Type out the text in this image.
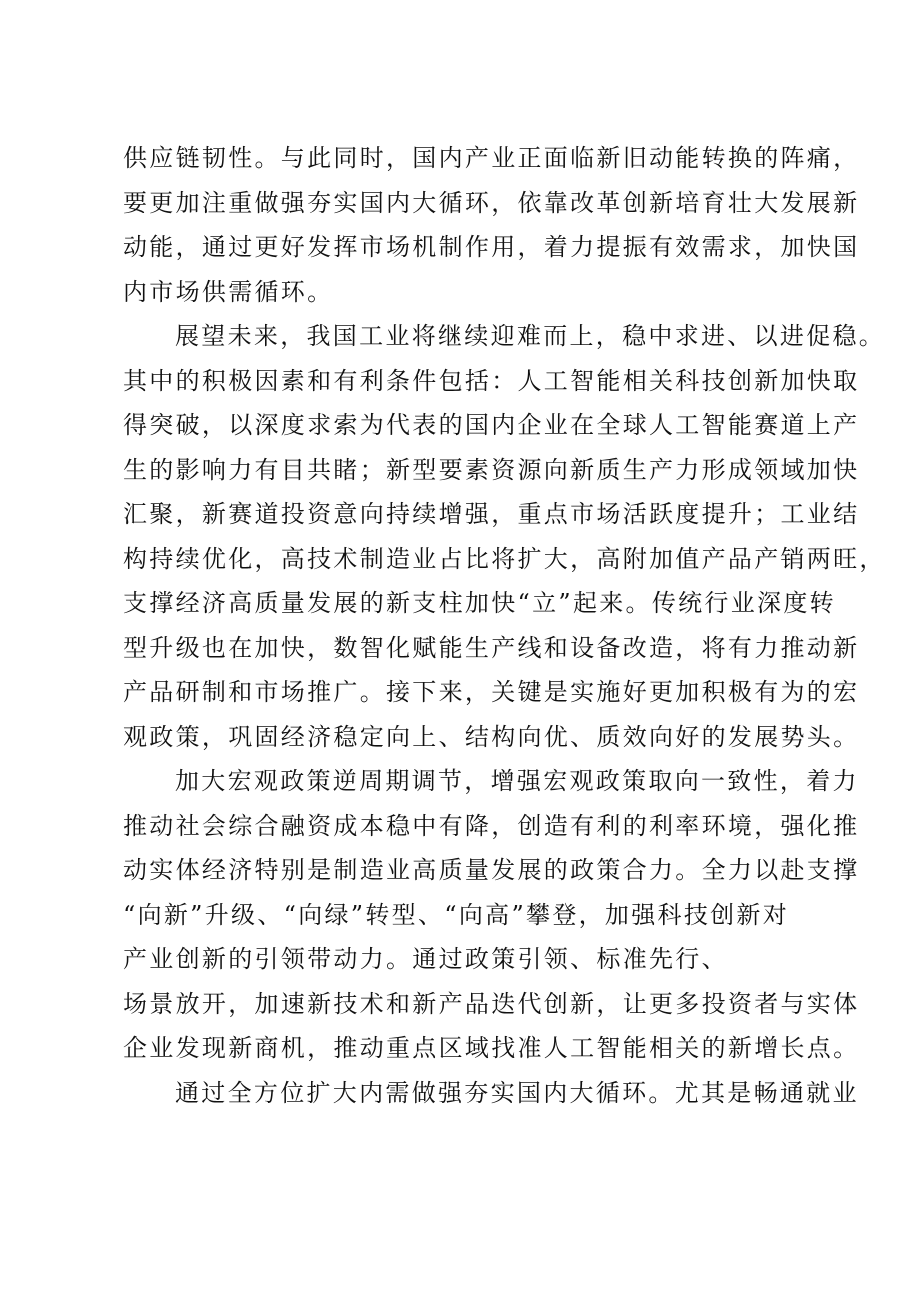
供应链韧性。与此同时，国内产业正面临新旧动能转换的阵痛，
要更加注重做强夯实国内大循环，依靠改革创新培育壮大发展新
动能，通过更好发挥市场机制作用，着力提振有效需求，加快国
内市场供需循环。
展望未来，我国工业将继续迎难而上，稳中求进、以进促稳。
其中的积极因素和有利条件包括：人工智能相关科技创新加快取
得突破，以深度求索为代表的国内企业在全球人工智能赛道上产
生的影响力有目共睹；新型要素资源向新质生产力形成领域加快
汇聚，新赛道投资意向持续增强，重点市场活跃度提升；工业结
构持续优化，高技术制造业占比将扩大，高附加值产品产销两旺，
支撑经济高质量发展的新支柱加快“立”起来。传统行业深度转
型升级也在加快，数智化赋能生产线和设备改造，将有力推动新
产品研制和市场推广。接下来，关键是实施好更加积极有为的宏
观政策，巩固经济稳定向上、结构向优、质效向好的发展势头。
加大宏观政策逆周期调节，增强宏观政策取向一致性，着力
推动社会综合融资成本稳中有降，创造有利的利率环境，强化推
动实体经济特别是制造业高质量发展的政策合力。全力以赴支撑
“向新”升级、“向绿”转型、“向高”攀登，加强科技创新对
产业创新的引领带动力。通过政策引领、标准先行、
场景放开，加速新技术和新产品迭代创新，让更多投资者与实体
企业发现新商机，推动重点区域找准人工智能相关的新增长点。
通过全方位扩大内需做强夯实国内大循环。尤其是畅通就业
